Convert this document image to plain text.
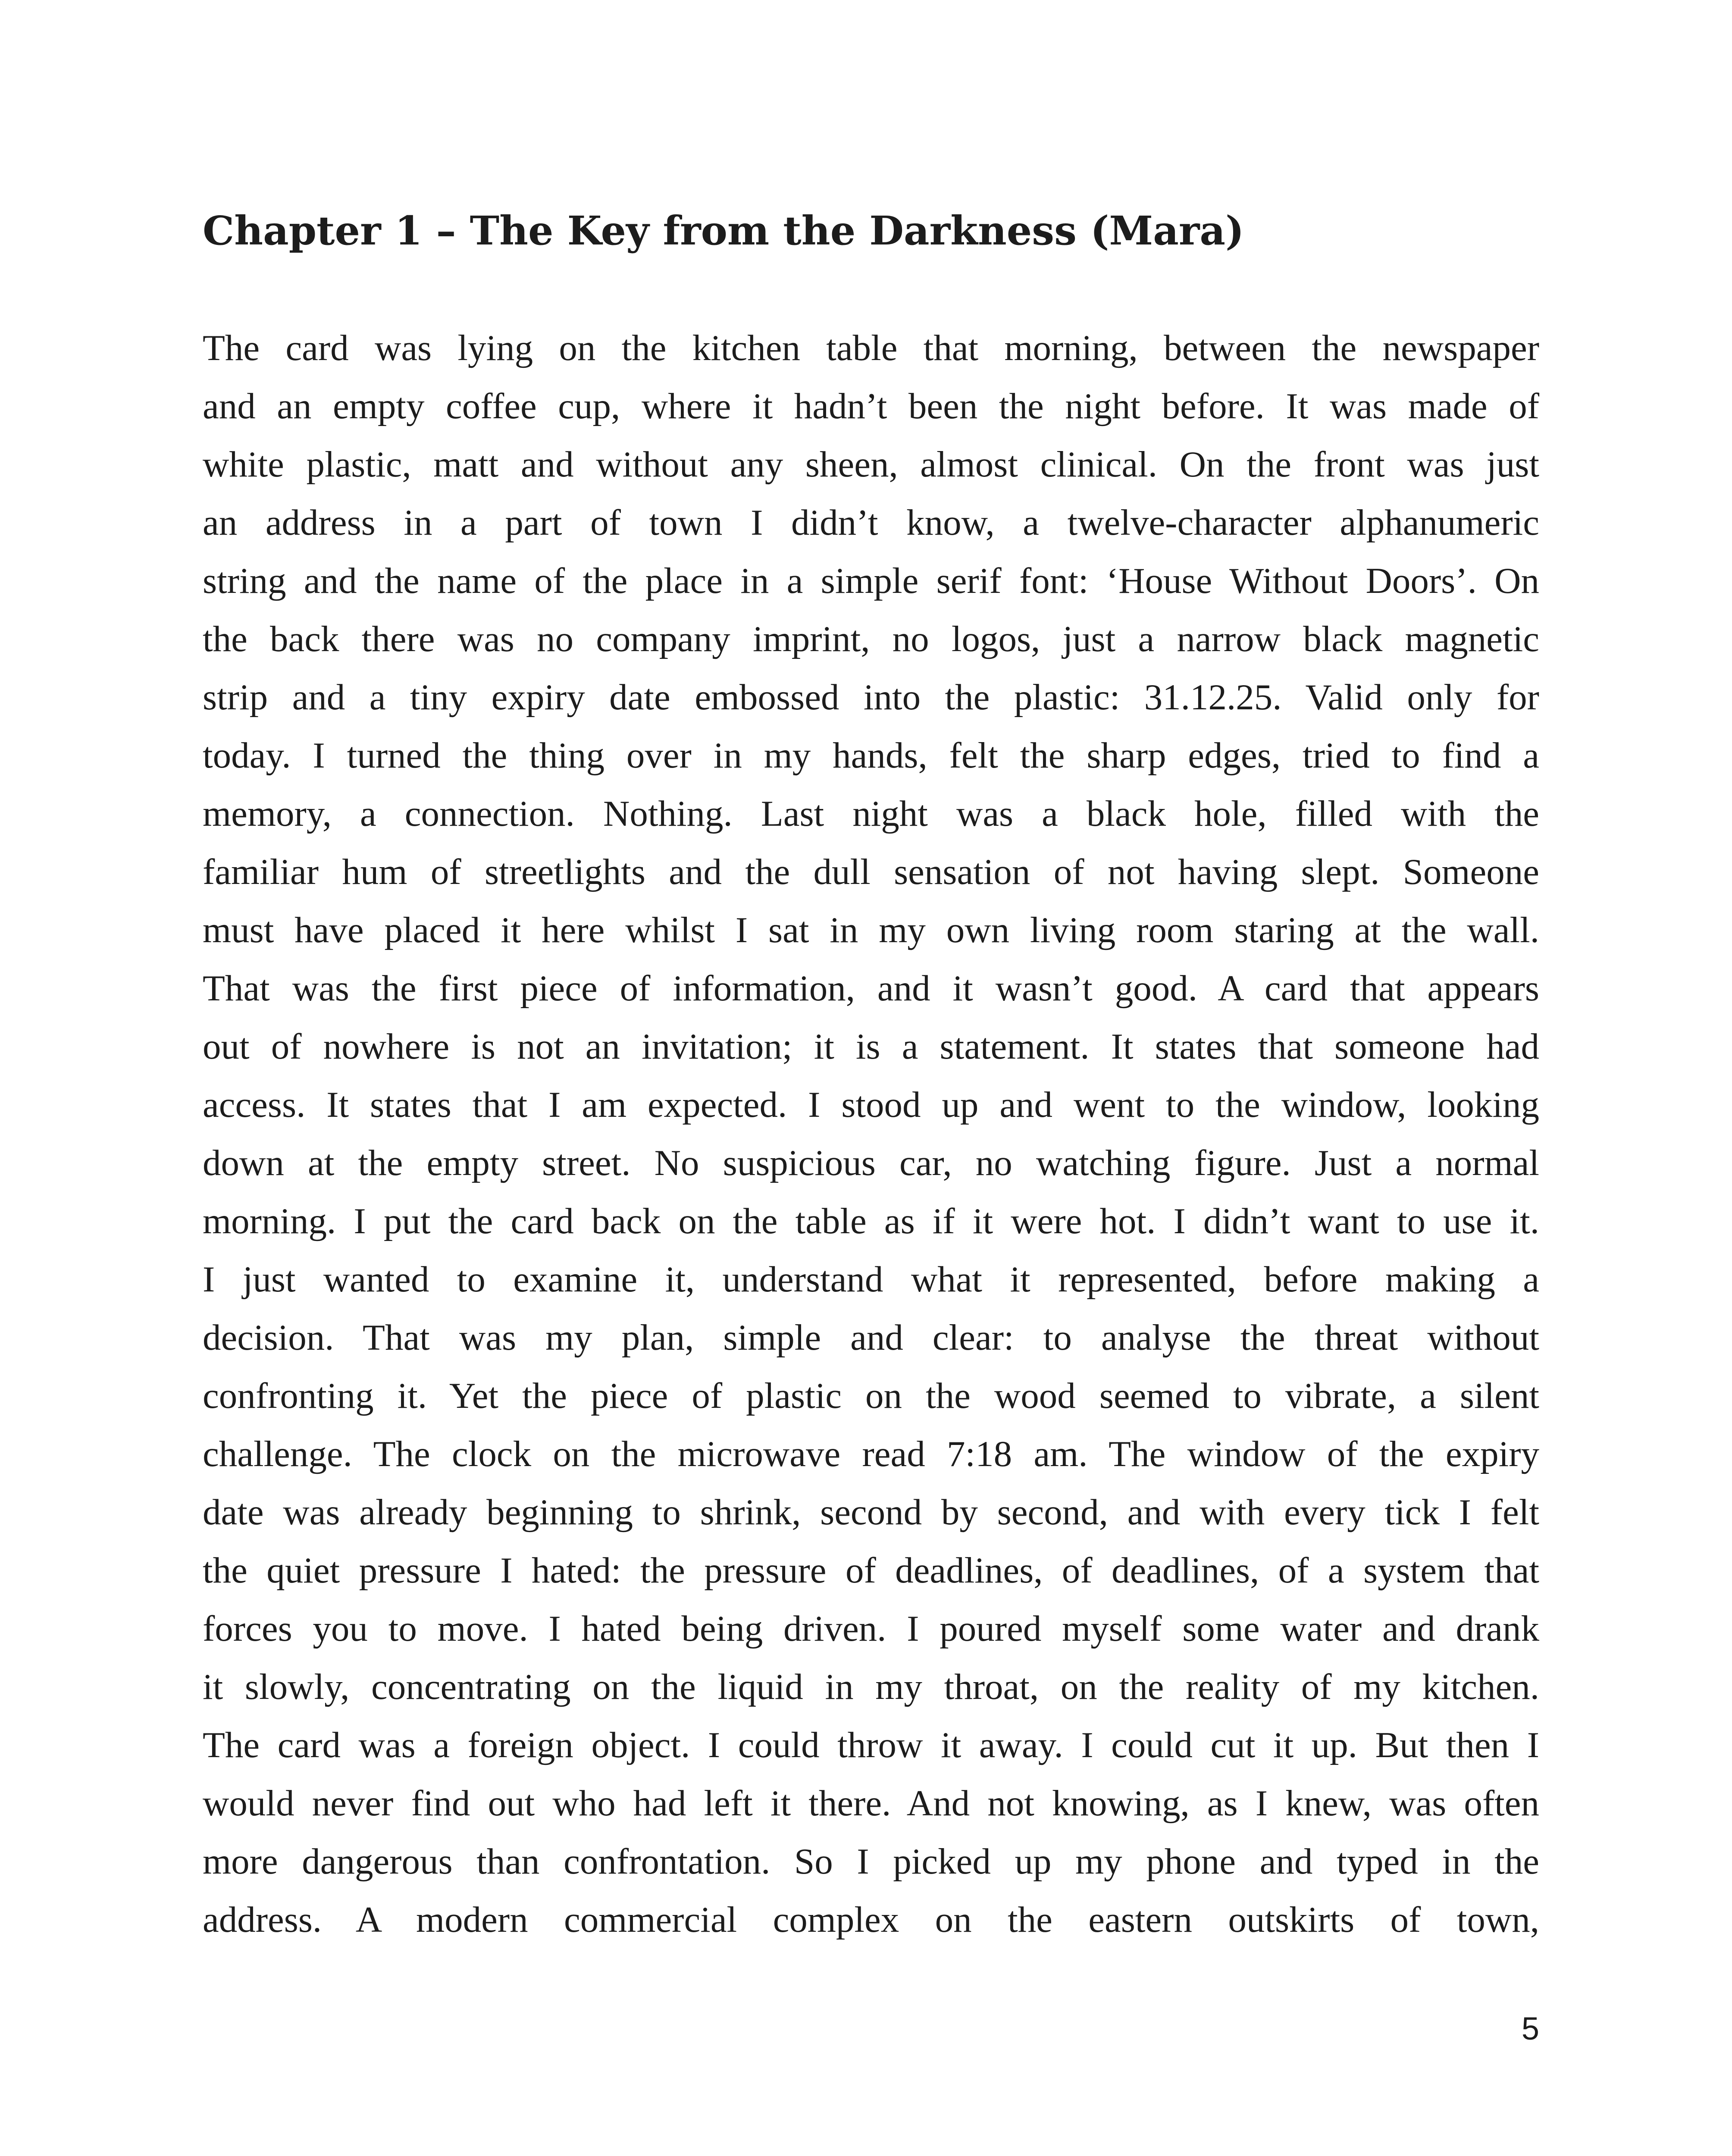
Chapter 1 – The Key from the Darkness (Mara)
The card was lying on the kitchen table that morning, between the newspaper
and an empty coffee cup, where it hadn’t been the night before. It was made of
white plastic, matt and without any sheen, almost clinical. On the front was just
an address in a part of town I didn’t know, a twelve-character alphanumeric
string and the name of the place in a simple serif font: ‘House Without Doors’. On
the back there was no company imprint, no logos, just a narrow black magnetic
strip and a tiny expiry date embossed into the plastic: 31.12.25. Valid only for
today. I turned the thing over in my hands, felt the sharp edges, tried to find a
memory, a connection. Nothing. Last night was a black hole, filled with the
familiar hum of streetlights and the dull sensation of not having slept. Someone
must have placed it here whilst I sat in my own living room staring at the wall.
That was the first piece of information, and it wasn’t good. A card that appears
out of nowhere is not an invitation; it is a statement. It states that someone had
access. It states that I am expected. I stood up and went to the window, looking
down at the empty street. No suspicious car, no watching figure. Just a normal
morning. I put the card back on the table as if it were hot. I didn’t want to use it.
I just wanted to examine it, understand what it represented, before making a
decision. That was my plan, simple and clear: to analyse the threat without
confronting it. Yet the piece of plastic on the wood seemed to vibrate, a silent
challenge. The clock on the microwave read 7:18 am. The window of the expiry
date was already beginning to shrink, second by second, and with every tick I felt
the quiet pressure I hated: the pressure of deadlines, of deadlines, of a system that
forces you to move. I hated being driven. I poured myself some water and drank
it slowly, concentrating on the liquid in my throat, on the reality of my kitchen.
The card was a foreign object. I could throw it away. I could cut it up. But then I
would never find out who had left it there. And not knowing, as I knew, was often
more dangerous than confrontation. So I picked up my phone and typed in the
address. A modern commercial complex on the eastern outskirts of town,
5
